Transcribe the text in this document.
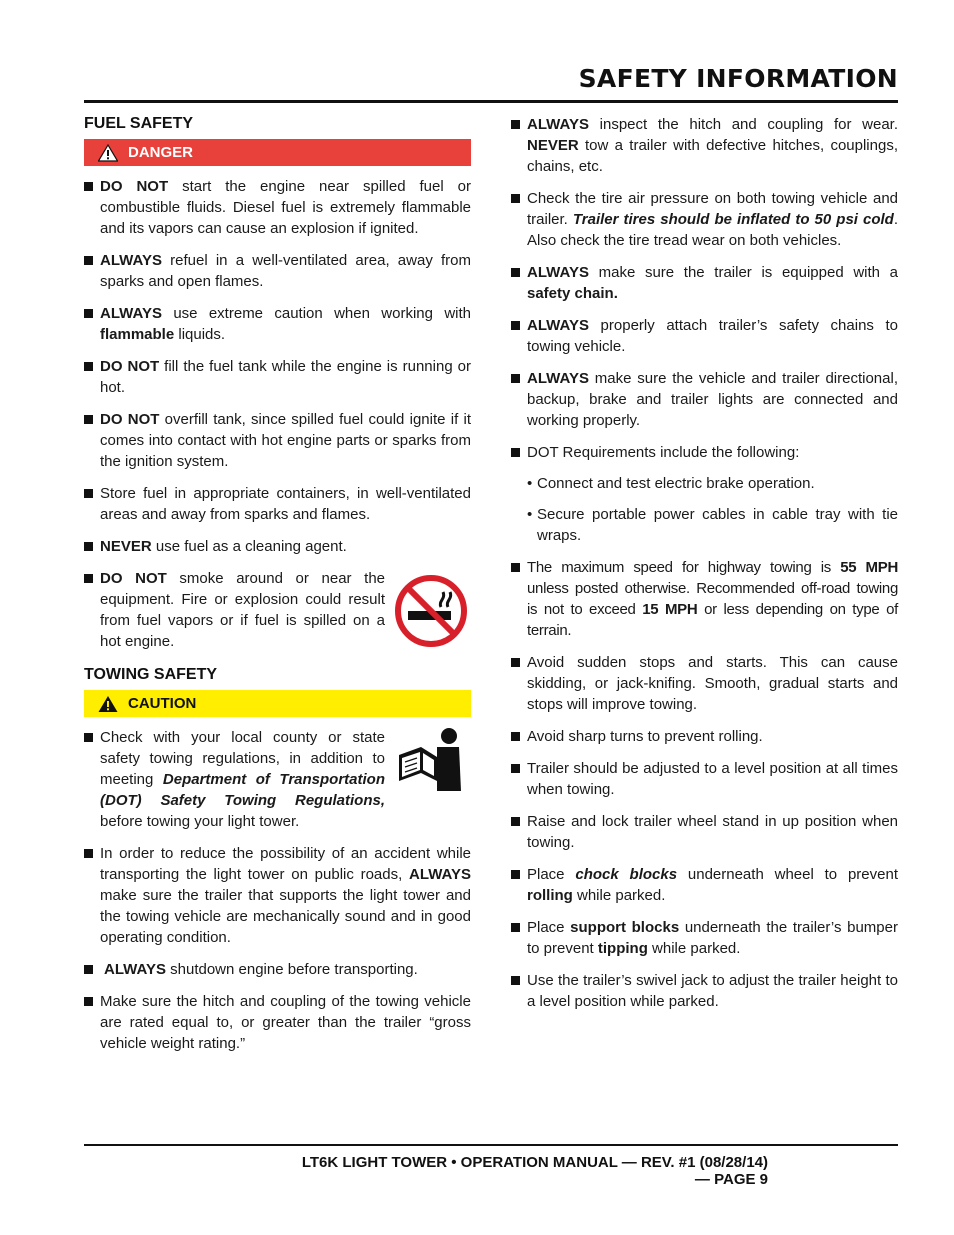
SAFETY INFORMATION
FUEL SAFETY
DANGER
DO NOT start the engine near spilled fuel or combustible fluids. Diesel fuel is extremely flammable and its vapors can cause an explosion if ignited.
ALWAYS refuel in a well-ventilated area, away from sparks and open flames.
ALWAYS use extreme caution when working with flammable liquids.
DO NOT fill the fuel tank while the engine is running or hot.
DO NOT overfill tank, since spilled fuel could ignite if it comes into contact with hot engine parts or sparks from the ignition system.
Store fuel in appropriate containers, in well-ventilated areas and away from sparks and flames.
NEVER use fuel as a cleaning agent.
DO NOT smoke around or near the equipment. Fire or explosion could result from fuel vapors or if fuel is spilled on a hot engine.
TOWING SAFETY
CAUTION
Check with your local county or state safety towing regulations, in addition to meeting Department of Transportation (DOT) Safety Towing Regulations, before towing your light tower.
In order to reduce the possibility of an accident while transporting the light tower on public roads, ALWAYS make sure the trailer that supports the light tower and the towing vehicle are mechanically sound and in good operating condition.
ALWAYS shutdown engine before transporting.
Make sure the hitch and coupling of the towing vehicle are rated equal to, or greater than the trailer “gross vehicle weight rating.”
ALWAYS inspect the hitch and coupling for wear. NEVER tow a trailer with defective hitches, couplings, chains, etc.
Check the tire air pressure on both towing vehicle and trailer. Trailer tires should be inflated to 50 psi cold. Also check the tire tread wear on both vehicles.
ALWAYS make sure the trailer is equipped with a safety chain.
ALWAYS properly attach trailer’s safety chains to towing vehicle.
ALWAYS make sure the vehicle and trailer directional, backup, brake and trailer lights are connected and working properly.
DOT Requirements include the following:
• Connect and test electric brake operation.
• Secure portable power cables in cable tray with tie wraps.
The maximum speed for highway towing is 55 MPH unless posted otherwise. Recommended off-road towing is not to exceed 15 MPH or less depending on type of terrain.
Avoid sudden stops and starts. This can cause skidding, or jack-knifing. Smooth, gradual starts and stops will improve towing.
Avoid sharp turns to prevent rolling.
Trailer should be adjusted to a level position at all times when towing.
Raise and lock trailer wheel stand in up position when towing.
Place chock blocks underneath wheel to prevent rolling while parked.
Place support blocks underneath the trailer’s bumper to prevent tipping while parked.
Use the trailer’s swivel jack to adjust the trailer height to a level position while parked.
LT6K LIGHT TOWER • OPERATION MANUAL — REV. #1 (08/28/14) — PAGE 9
